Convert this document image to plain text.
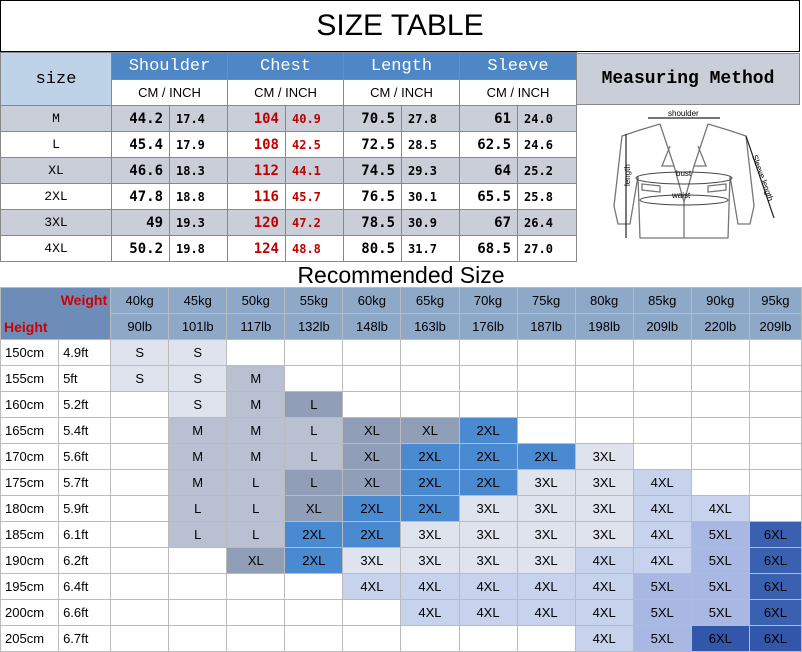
SIZE TABLE
size	Shoulder		Chest		Length		Sleeve	
	CM / INCH		CM / INCH		CM / INCH		CM / INCH	
M	44.2	17.4	104	40.9	70.5	27.8	61	24.0
L	45.4	17.9	108	42.5	72.5	28.5	62.5	24.6
XL	46.6	18.3	112	44.1	74.5	29.3	64	25.2
2XL	47.8	18.8	116	45.7	76.5	30.1	65.5	25.8
3XL	49	19.3	120	47.2	78.5	30.9	67	26.4
4XL	50.2	19.8	124	48.8	80.5	31.7	68.5	27.0
Measuring Method
shoulder
length	bust
waist	Sleeve length
Recommended Size
Weight
Height		40kg	45kg	50kg	55kg	60kg	65kg	70kg	75kg	80kg	85kg	90kg	95kg
		90lb	101lb	117lb	132lb	148lb	163lb	176lb	187lb	198lb	209lb	220lb	209lb
150cm	4.9ft	S	S										
155cm	5ft	S	S	M									
160cm	5.2ft		S	M	L								
165cm	5.4ft		M	M	L	XL	XL	2XL					
170cm	5.6ft		M	M	L	XL	2XL	2XL	2XL	3XL			
175cm	5.7ft		M	L	L	XL	2XL	2XL	3XL	3XL	4XL		
180cm	5.9ft		L	L	XL	2XL	2XL	3XL	3XL	3XL	4XL	4XL	
185cm	6.1ft		L	L	2XL	2XL	3XL	3XL	3XL	3XL	4XL	5XL	6XL
190cm	6.2ft			XL	2XL	3XL	3XL	3XL	3XL	4XL	4XL	5XL	6XL
195cm	6.4ft					4XL	4XL	4XL	4XL	4XL	5XL	5XL	6XL
200cm	6.6ft						4XL	4XL	4XL	4XL	5XL	5XL	6XL
205cm	6.7ft									4XL	5XL	6XL	6XL
